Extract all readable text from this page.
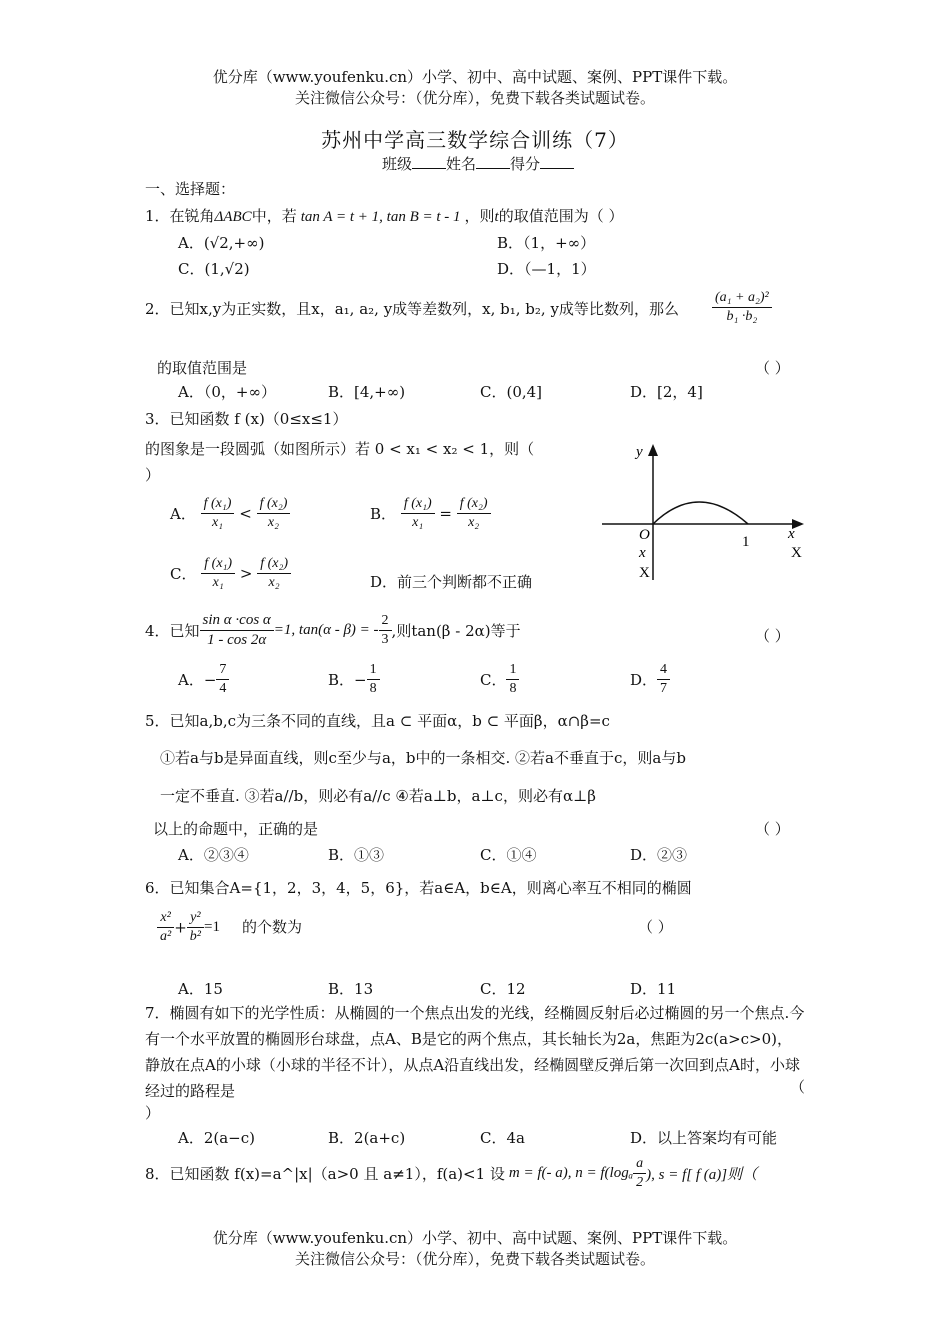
优分库（www.youfenku.cn）小学、初中、高中试题、案例、PPT课件下载。
关注微信公众号：（优分库），免费下载各类试题试卷。
苏州中学高三数学综合训练（7）
班级 姓名 得分
一、选择题：
1．在锐角ΔABC中，若 tan A = t + 1, tan B = t - 1 ，则t的取值范围为（ ）
A．(√2,+∞)	B．（1，+∞）
C．(1,√2)	D．（—1，1）
2．已知x,y为正实数，且x，a₁, a₂, y成等差数列，x, b₁, b₂, y成等比数列，那么 $\frac{\text{(a₁ + a₂)²}}{\text{b₁ ·b₂}}$
的取值范围是	（ ）
A．（0，+∞）	B．[4,+∞)	C．(0,4]	D．[2，4]
3．已知函数 f (x)（0≤x≤1）
的图象是一段圆弧（如图所示）若 0 < x₁ < x₂ < 1，则（
）
A． $\frac{\text{f (x₁)}}{\text{x₁}} < \frac{\text{f (x₂)}}{\text{x₂}}$	B． $\frac{\text{f (x₁)}}{\text{x₁}} = \frac{\text{f (x₂)}}{\text{x₂}}$
C． $\frac{\text{f (x₁)}}{\text{x₁}} > \frac{\text{f (x₂)}}{\text{x₂}}$	D．前三个判断都不正确
y
x
O	1
x	X
X
4．已知 $\frac{\text{sin α ·cos α}}{1 - \cos 2\alpha} =1$, tan(α - β) = - $\frac{2}{3}$ ,则tan(β - 2α)等于	（ ）
A．− $\frac{7}{4}$	B．− $\frac{1}{8}$	C． $\frac{1}{8}$	D． $\frac{4}{7}$
5．已知a,b,c为三条不同的直线，且a ⊂ 平面α，b ⊂ 平面β，α∩β=c
①若a与b是异面直线，则c至少与a，b中的一条相交. ②若a不垂直于c，则a与b
一定不垂直. ③若a//b，则必有a//c ④若a⊥b，a⊥c，则必有α⊥β
以上的命题中，正确的是	（ ）
A．②③④	B．①③	C．①④	D．②③
6．已知集合A={1，2，3，4，5，6}，若a∈A，b∈A，则离心率互不相同的椭圆
$\frac{\text{x²}}{\text{a²}} + \frac{\text{y²}}{\text{b²}} =1$ 的个数为	（ ）
A．15	B．13	C．12	D．11
7．椭圆有如下的光学性质：从椭圆的一个焦点出发的光线，经椭圆反射后必过椭圆的另一个焦点.今有一个水平放置的椭圆形台球盘，点A、B是它的两个焦点，其长轴长为2a，焦距为2c(a>c>0)，静放在点A的小球（小球的半径不计），从点A沿直线出发，经椭圆壁反弹后第一次回到点A时，小球经过的路程是	（
）
A．2(a−c)	B．2(a+c)	C．4a	D．以上答案均有可能
8．已知函数 f(x)=a^|x|（a>0 且 a≠1），f(a)<1 设 m = f(- a), $n = f(\log_a \frac{a}{2}$ ), s = f[ f (a)]则（
优分库（www.youfenku.cn）小学、初中、高中试题、案例、PPT课件下载。
关注微信公众号：（优分库），免费下载各类试题试卷。
